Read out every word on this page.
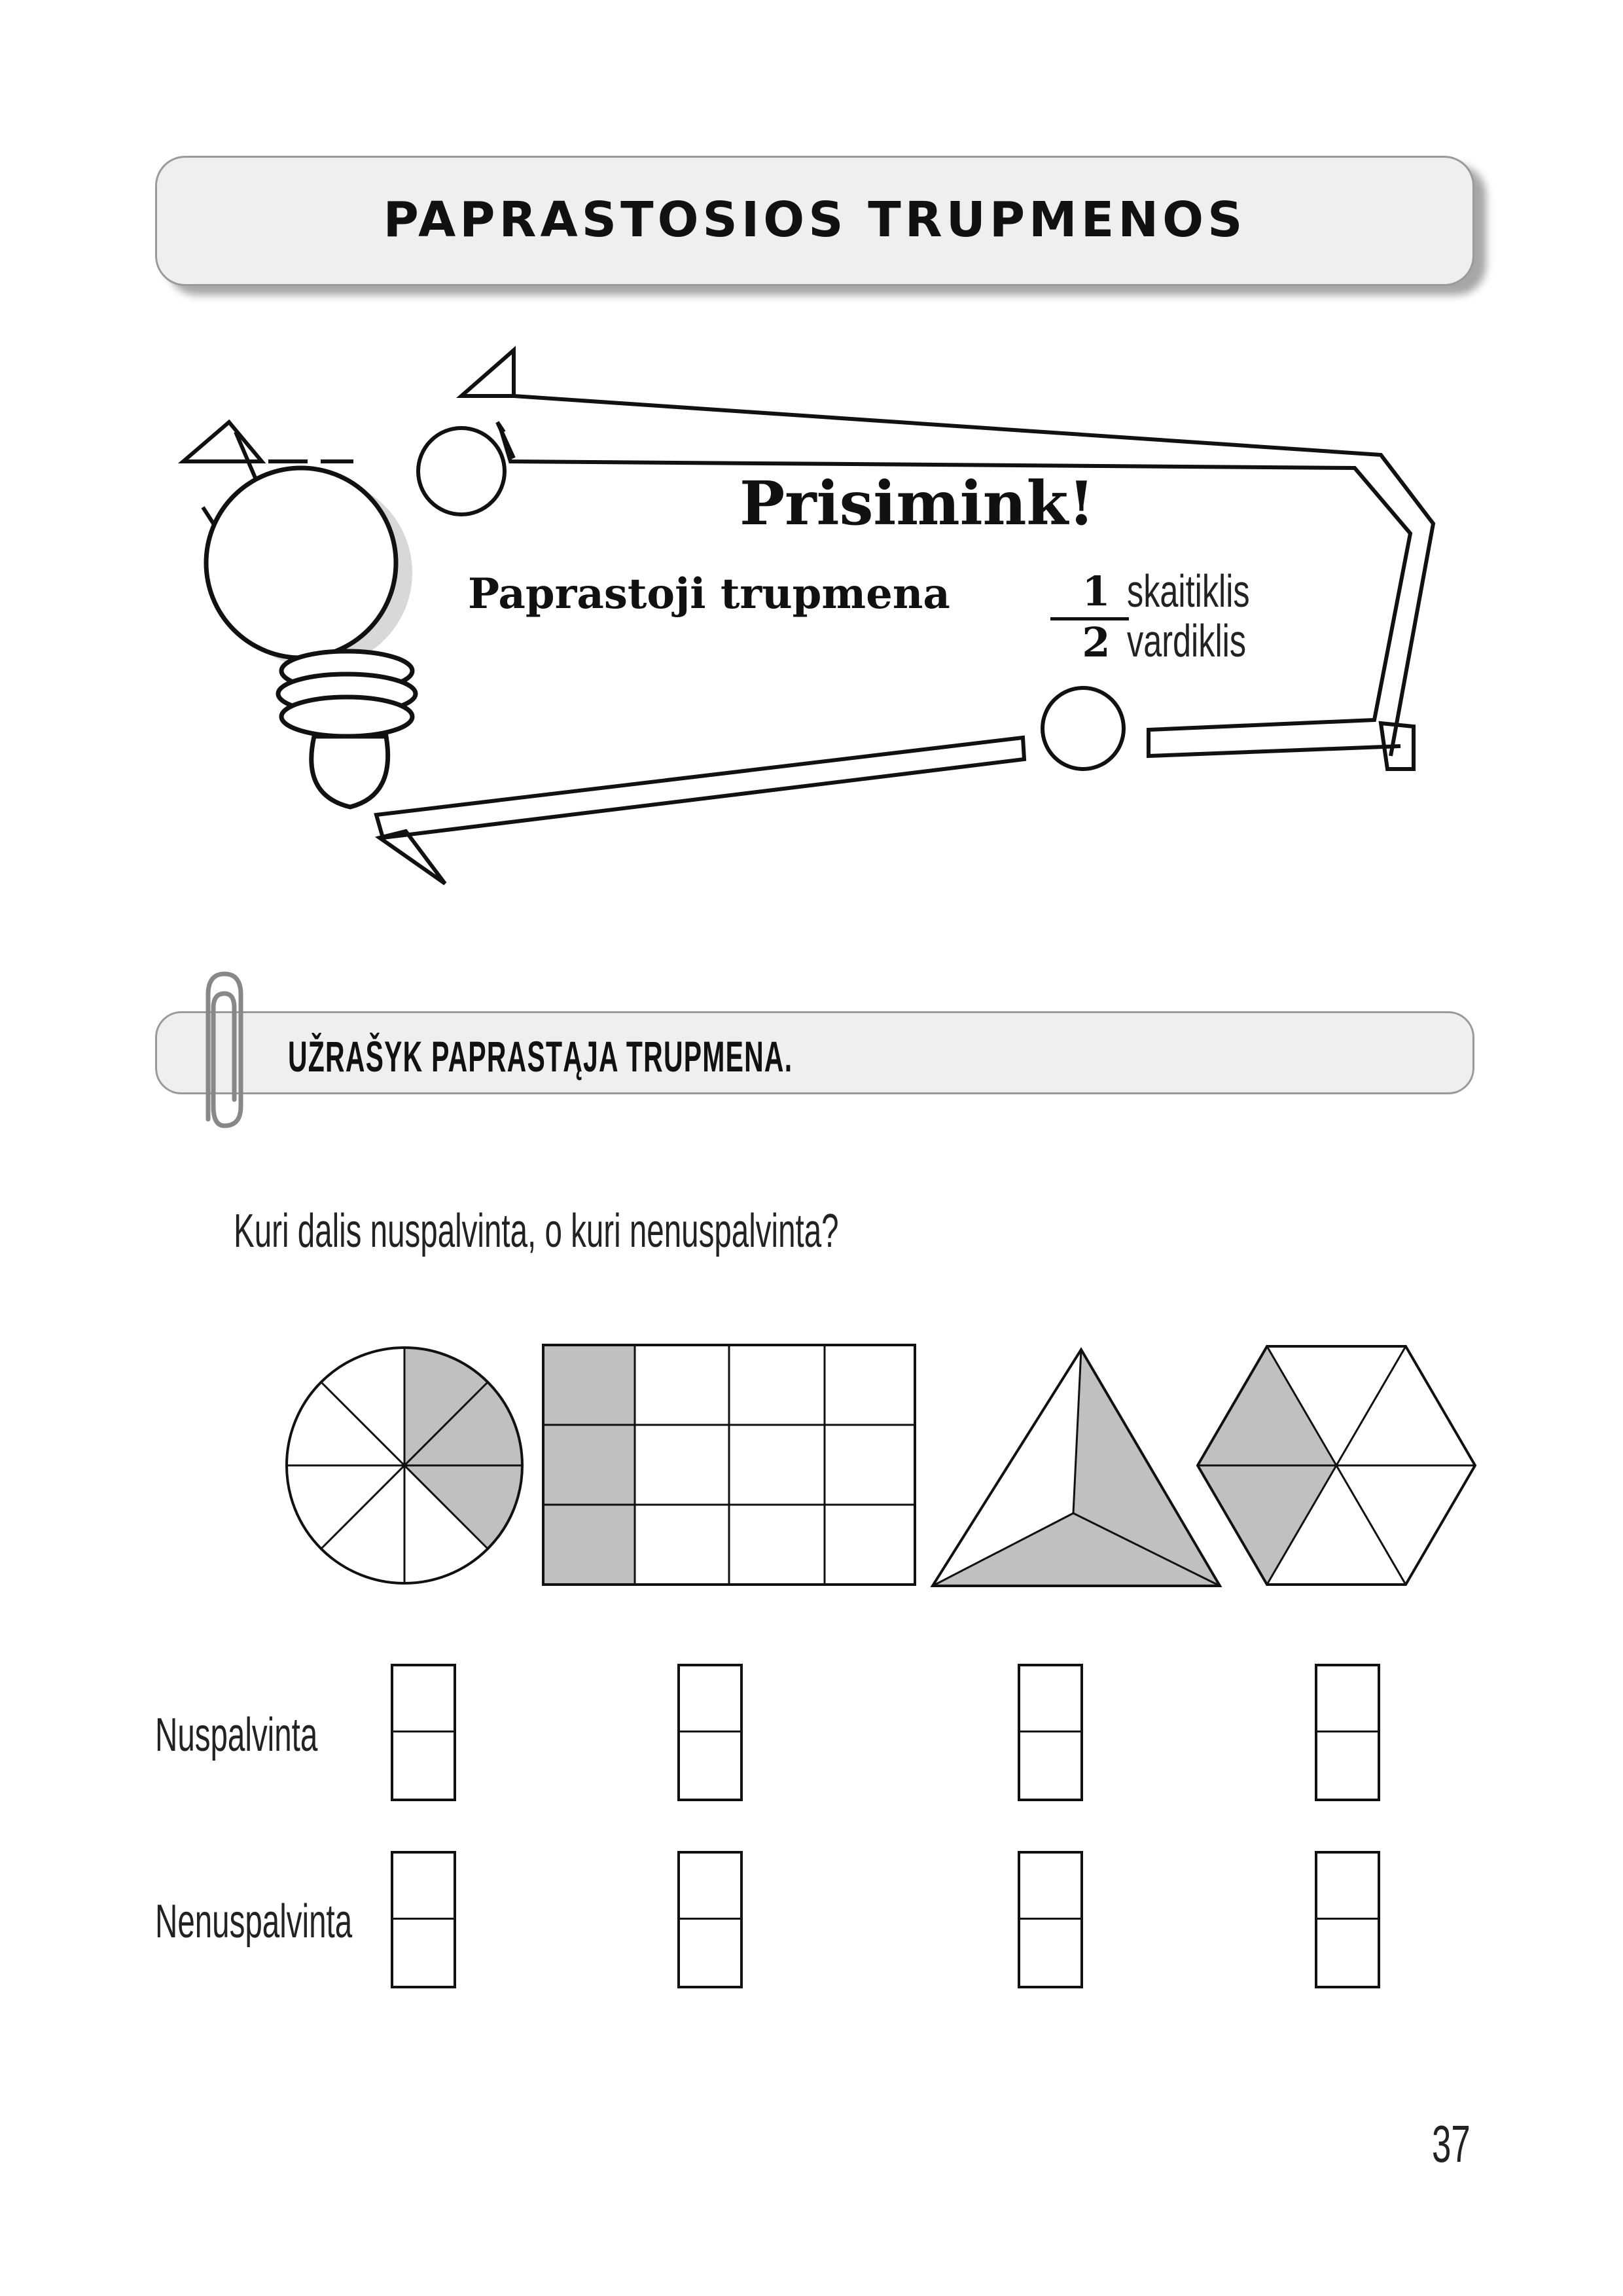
PAPRASTOSIOS TRUPMENOS
Prisimink!
Paprastoji trupmena	1
2
skaitiklis
vardiklis
UŽRAŠYK PAPRASTĄJA TRUPMENA.
Kuri dalis nuspalvinta, o kuri nenuspalvinta?
Nuspalvinta
Nenuspalvinta
37
